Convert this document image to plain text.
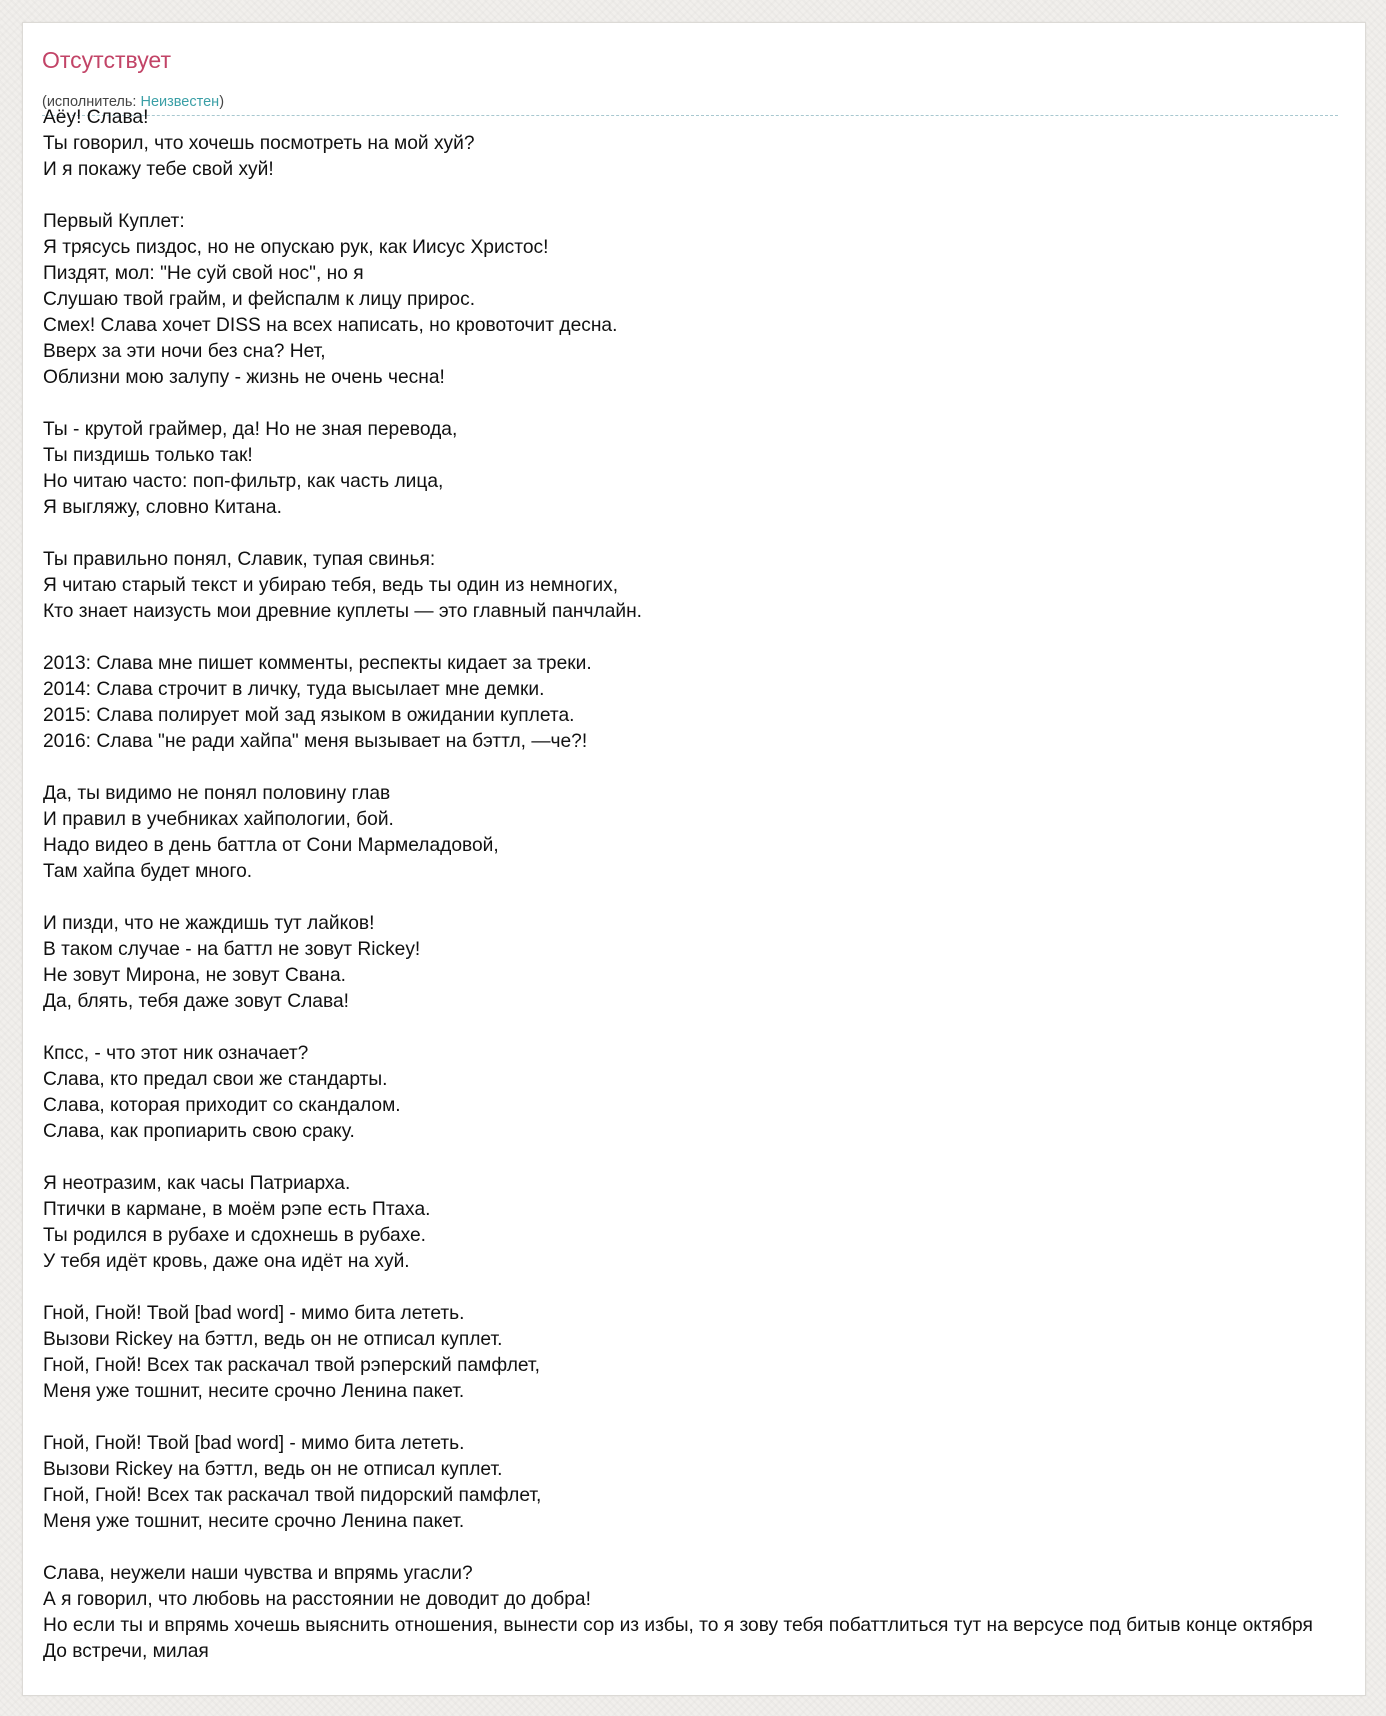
Отсутствует
(исполнитель: Неизвестен)
Аёу! Слава!
Ты говорил, что хочешь посмотреть на мой хуй?
И я покажу тебе свой хуй!
Первый Куплет:
Я трясусь пиздос, но не опускаю рук, как Иисус Христос!
Пиздят, мол: "Не суй свой нос", но я
Слушаю твой грайм, и фейспалм к лицу прирос.
Смех! Слава хочет DISS на всех написать, но кровоточит десна.
Вверх за эти ночи без сна? Нет,
Облизни мою залупу - жизнь не очень чесна!
Ты - крутой граймер, да! Но не зная перевода,
Ты пиздишь только так!
Но читаю часто: поп-фильтр, как часть лица,
Я выгляжу, словно Китана.
Ты правильно понял, Славик, тупая свинья:
Я читаю старый текст и убираю тебя, ведь ты один из немногих,
Кто знает наизусть мои древние куплеты — это главный панчлайн.
2013: Слава мне пишет комменты, респекты кидает за треки.
2014: Слава строчит в личку, туда высылает мне демки.
2015: Слава полирует мой зад языком в ожидании куплета.
2016: Слава "не ради хайпа" меня вызывает на бэттл, —че?!
Да, ты видимо не понял половину глав
И правил в учебниках хайпологии, бой.
Надо видео в день баттла от Сони Мармеладовой,
Там хайпа будет много.
И пизди, что не жаждишь тут лайков!
В таком случае - на баттл не зовут Rickey!
Не зовут Мирона, не зовут Свана.
Да, блять, тебя даже зовут Слава!
Кпсс, - что этот ник означает?
Слава, кто предал свои же стандарты.
Слава, которая приходит со скандалом.
Слава, как пропиарить свою сраку.
Я неотразим, как часы Патриарха.
Птички в кармане, в моём рэпе есть Птаха.
Ты родился в рубахе и сдохнешь в рубахе.
У тебя идёт кровь, даже она идёт на хуй.
Гной, Гной! Твой [bad word] - мимо бита лететь.
Вызови Rickey на бэттл, ведь он не отписал куплет.
Гной, Гной! Всех так раскачал твой рэперский памфлет,
Меня уже тошнит, несите срочно Ленина пакет.
Гной, Гной! Твой [bad word] - мимо бита лететь.
Вызови Rickey на бэттл, ведь он не отписал куплет.
Гной, Гной! Всех так раскачал твой пидорский памфлет,
Меня уже тошнит, несите срочно Ленина пакет.
Слава, неужели наши чувства и впрямь угасли?
А я говорил, что любовь на расстоянии не доводит до добра!
Но если ты и впрямь хочешь выяснить отношения, вынести сор из избы, то я зову тебя побаттлиться тут на версусе под битыв конце октября
До встречи, милая
